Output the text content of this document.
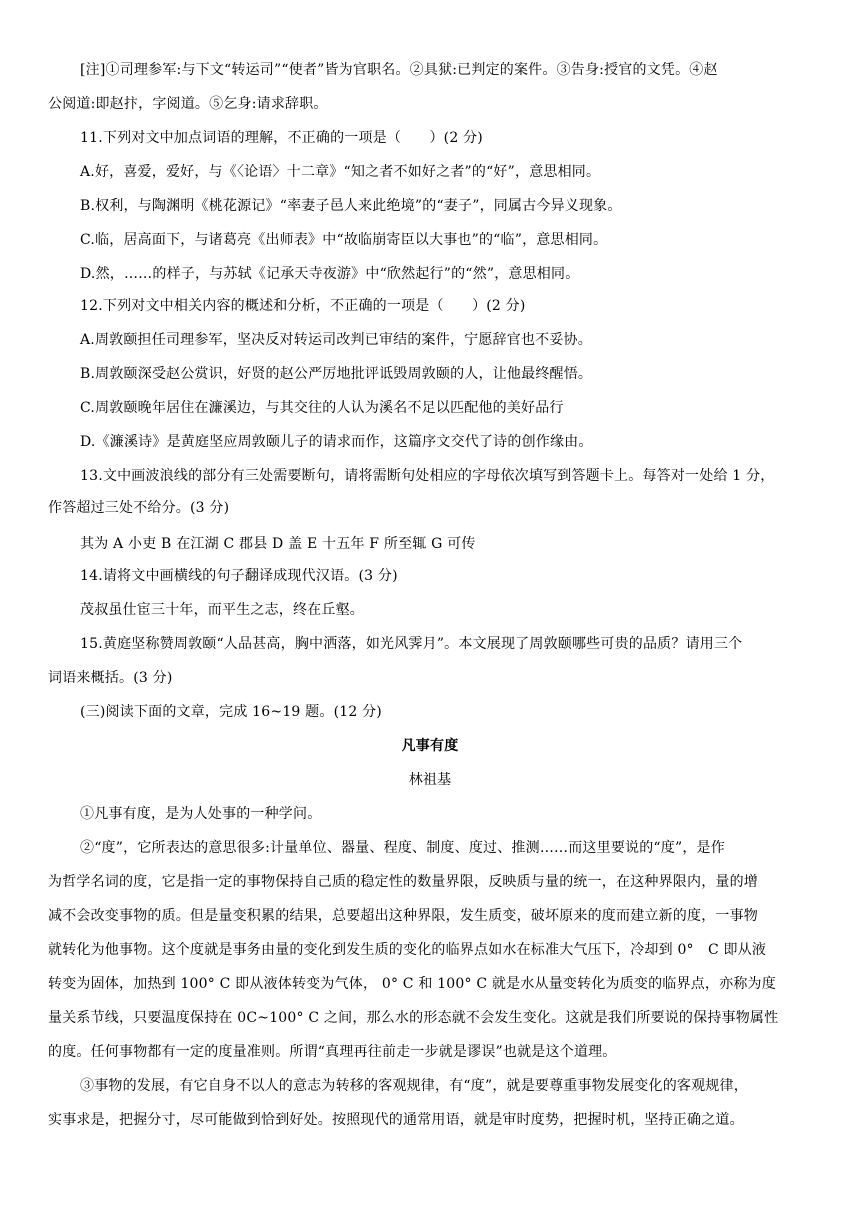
[注]①司理参军:与下文“转运司”“使者”皆为官职名。②具狱:已判定的案件。③告身:授官的文凭。④赵
公阅道:即赵抃，字阅道。⑤乞身:请求辞职。
11.下列对文中加点词语的理解，不正确的一项是（　　）(2 分)
A.好，喜爱，爱好，与《〈论语〉十二章》“知之者不如好之者”的“好”，意思相同。
B.权利，与陶渊明《桃花源记》“率妻子邑人来此绝境”的“妻子”，同属古今异义现象。
C.临，居高面下，与诸葛亮《出师表》中“故临崩寄臣以大事也”的“临”，意思相同。
D.然，……的样子，与苏轼《记承天寺夜游》中“欣然起行”的“然”，意思相同。
12.下列对文中相关内容的概述和分析，不正确的一项是（　　）(2 分)
A.周敦颐担任司理参军，坚决反对转运司改判已审结的案件，宁愿辞官也不妥协。
B.周敦颐深受赵公赏识，好贤的赵公严厉地批评诋毁周敦颐的人，让他最终醒悟。
C.周敦颐晚年居住在濂溪边，与其交往的人认为溪名不足以匹配他的美好品行
D.《濂溪诗》是黄庭坚应周敦颐儿子的请求而作，这篇序文交代了诗的创作缘由。
13.文中画波浪线的部分有三处需要断句，请将需断句处相应的字母依次填写到答题卡上。每答对一处给 1 分，
作答超过三处不给分。(3 分)
其为 A 小吏 B 在江湖 C 郡县 D 盖 E 十五年 F 所至辄 G 可传
14.请将文中画横线的句子翻译成现代汉语。(3 分)
茂叔虽仕宦三十年，而平生之志，终在丘壑。
15.黄庭坚称赞周敦颐“人品甚高，胸中洒落，如光风霁月”。本文展现了周敦颐哪些可贵的品质？请用三个
词语来概括。(3 分)
(三)阅读下面的文章，完成 16~19 题。(12 分)
凡事有度
林祖基
①凡事有度，是为人处事的一种学问。
②“度”，它所表达的意思很多:计量单位、器量、程度、制度、度过、推测……而这里要说的“度”，是作
为哲学名词的度，它是指一定的事物保持自己质的稳定性的数量界限，反映质与量的统一，在这种界限内，量的增
减不会改变事物的质。但是量变积累的结果，总要超出这种界限，发生质变，破坏原来的度而建立新的度，一事物
就转化为他事物。这个度就是事务由量的变化到发生质的变化的临界点如水在标准大气压下，冷却到 0°　C 即从液
转变为固体，加热到 100° C 即从液体转变为气体， 0° C 和 100° C 就是水从量变转化为质变的临界点，亦称为度
量关系节线，只要温度保持在 0C~100° C 之间，那么水的形态就不会发生变化。这就是我们所要说的保持事物属性
的度。任何事物都有一定的度量准则。所谓“真理再往前走一步就是谬误”也就是这个道理。
③事物的发展，有它自身不以人的意志为转移的客观规律，有“度”，就是要尊重事物发展变化的客观规律，
实事求是，把握分寸，尽可能做到恰到好处。按照现代的通常用语，就是审时度势，把握时机，坚持正确之道。
